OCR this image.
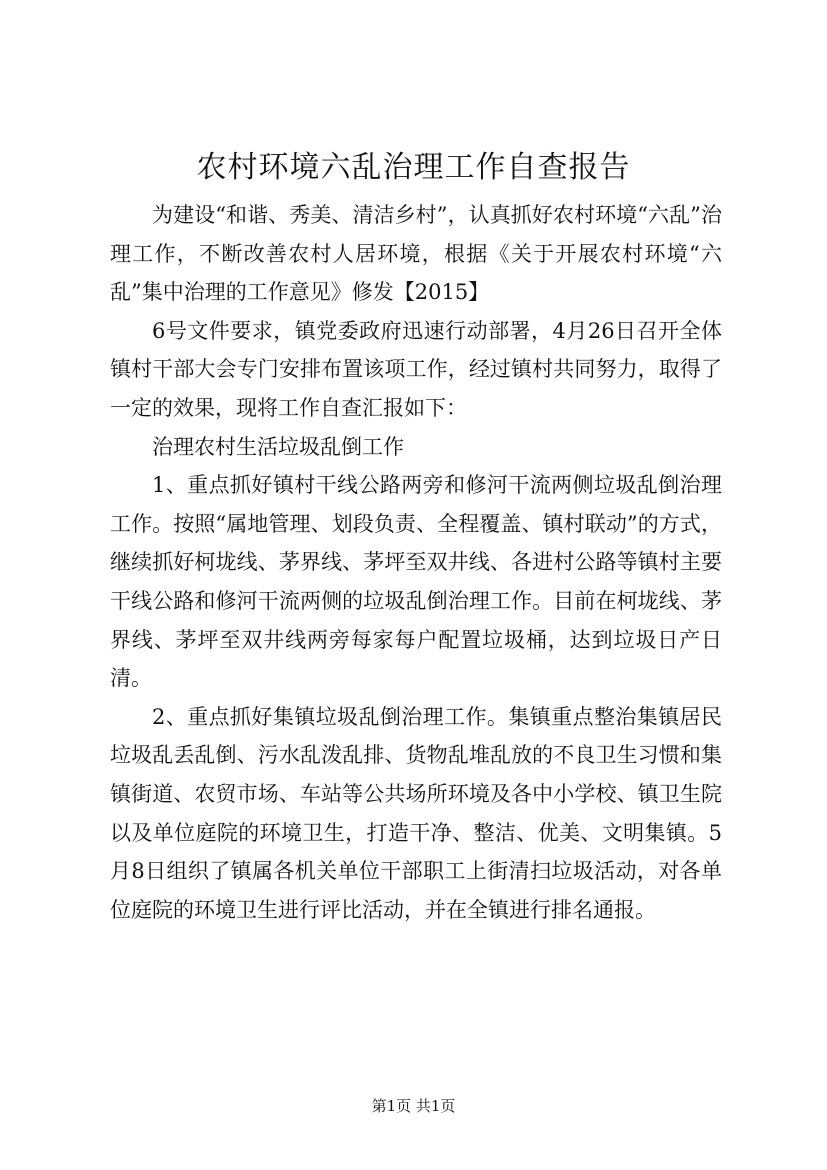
农村环境六乱治理工作自查报告

为建设“和谐、秀美、清洁乡村”，认真抓好农村环境“六乱”治理工作，不断改善农村人居环境，根据《关于开展农村环境“六乱”集中治理的工作意见》修发【2015】

6号文件要求，镇党委政府迅速行动部署，4月26日召开全体镇村干部大会专门安排布置该项工作，经过镇村共同努力，取得了一定的效果，现将工作自查汇报如下：

治理农村生活垃圾乱倒工作

1、重点抓好镇村干线公路两旁和修河干流两侧垃圾乱倒治理工作。按照“属地管理、划段负责、全程覆盖、镇村联动”的方式，继续抓好柯垅线、茅界线、茅坪至双井线、各进村公路等镇村主要干线公路和修河干流两侧的垃圾乱倒治理工作。目前在柯垅线、茅界线、茅坪至双井线两旁每家每户配置垃圾桶，达到垃圾日产日清。

2、重点抓好集镇垃圾乱倒治理工作。集镇重点整治集镇居民垃圾乱丢乱倒、污水乱泼乱排、货物乱堆乱放的不良卫生习惯和集镇街道、农贸市场、车站等公共场所环境及各中小学校、镇卫生院以及单位庭院的环境卫生，打造干净、整洁、优美、文明集镇。5月8日组织了镇属各机关单位干部职工上街清扫垃圾活动，对各单位庭院的环境卫生进行评比活动，并在全镇进行排名通报。

第1页 共1页
